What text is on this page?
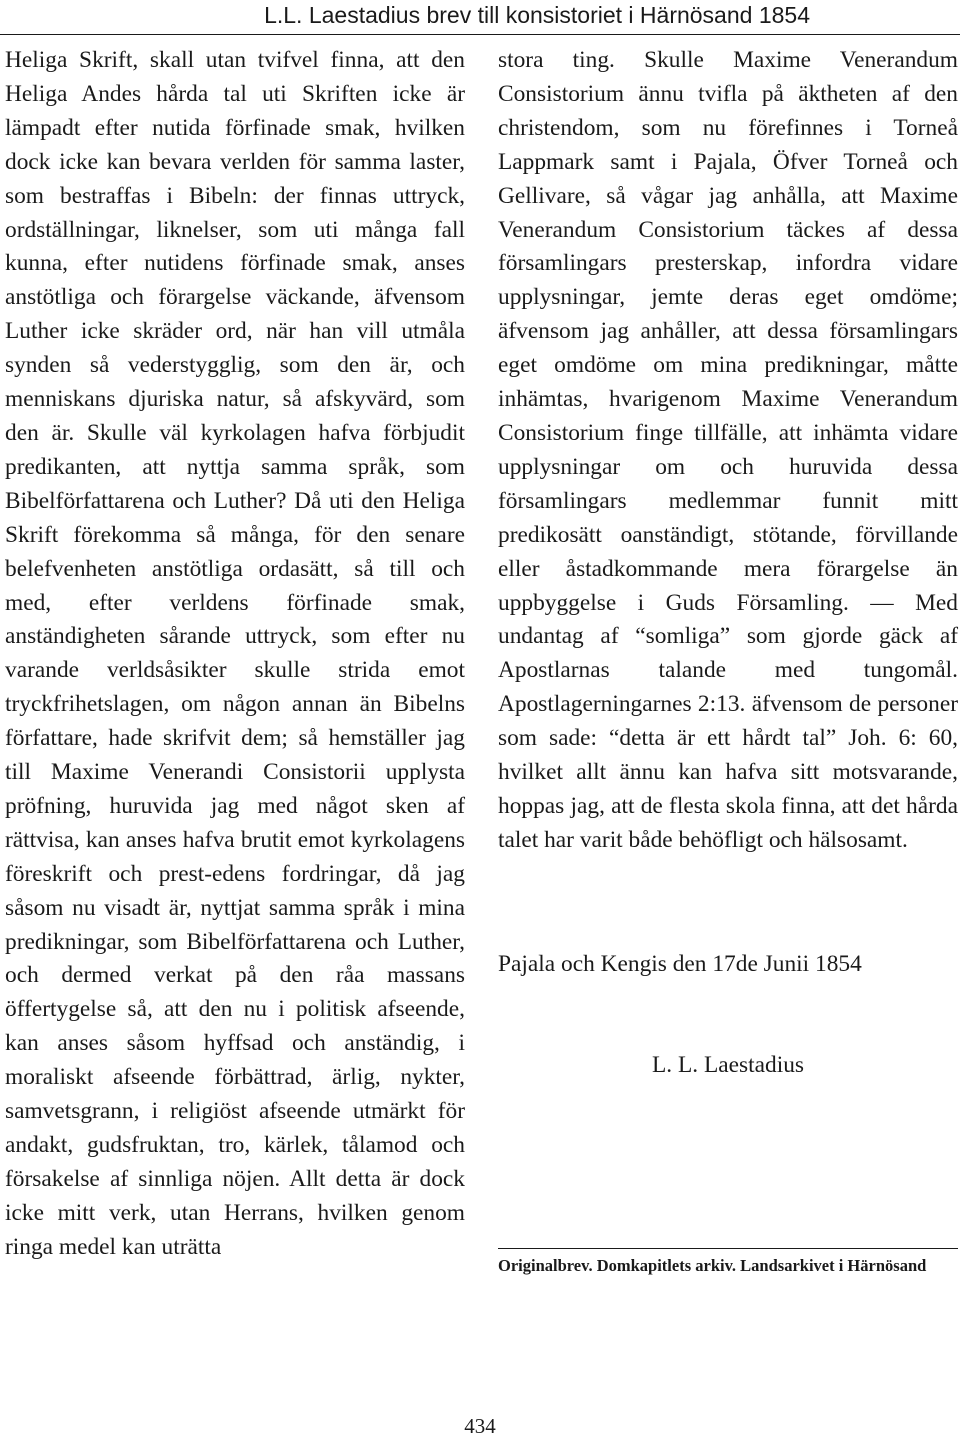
L.L. Laestadius brev till konsistoriet i Härnösand 1854

Heliga Skrift, skall utan tvifvel finna, att den Heliga Andes hårda tal uti Skriften icke är lämpadt efter nutida förfinade smak, hvilken dock icke kan bevara verlden för samma laster, som bestraffas i Bibeln: der finnas uttryck, ordställningar, liknelser, som uti många fall kunna, efter nutidens förfinade smak, anses anstötliga och förargelse väckande, äfvensom Luther icke skräder ord, när han vill utmåla synden så vederstygglig, som den är, och menniskans djuriska natur, så afskyvärd, som den är. Skulle väl kyrkolagen hafva förbjudit predikanten, att nyttja samma språk, som Bibelförfattarena och Luther? Då uti den Heliga Skrift förekomma så många, för den senare belefvenheten anstötliga ordasätt, så till och med, efter verldens förfinade smak, anständigheten sårande uttryck, som efter nu varande verldsåsikter skulle strida emot tryckfrihetslagen, om någon annan än Bibelns författare, hade skrifvit dem; så hemställer jag till Maxime Venerandi Consistorii upplysta pröfning, huruvida jag med något sken af rättvisa, kan anses hafva brutit emot kyrkolagens föreskrift och prest-edens fordringar, då jag såsom nu visadt är, nyttjat samma språk i mina predikningar, som Bibelförfattarena och Luther, och dermed verkat på den råa massans öffertygelse så, att den nu i politisk afseende, kan anses såsom hyffsad och anständig, i moraliskt afseende förbättrad, ärlig, nykter, samvetsgrann, i religiöst afseende utmärkt för andakt, gudsfruktan, tro, kärlek, tålamod och försakelse af sinnliga nöjen. Allt detta är dock icke mitt verk, utan Herrans, hvilken genom ringa medel kan uträtta

stora ting. Skulle Maxime Venerandum Consistorium ännu tvifla på äktheten af den christendom, som nu förefinnes i Torneå Lappmark samt i Pajala, Öfver Torneå och Gellivare, så vågar jag anhålla, att Maxime Venerandum Consistorium täckes af dessa församlingars presterskap, infordra vidare upplysningar, jemte deras eget omdöme; äfvensom jag anhåller, att dessa församlingars eget omdöme om mina predikningar, måtte inhämtas, hvarigenom Maxime Venerandum Consistorium finge tillfälle, att inhämta vidare upplysningar om och huruvida dessa församlingars medlemmar funnit mitt predikosätt oanständigt, stötande, förvillande eller åstadkommande mera förargelse än uppbyggelse i Guds Församling. — Med undantag af “somliga” som gjorde gäck af Apostlarnas talande med tungomål. Apostlagerningarnes 2:13. äfvensom de personer som sade: “detta är ett hårdt tal” Joh. 6: 60, hvilket allt ännu kan hafva sitt motsvarande, hoppas jag, att de flesta skola finna, att det hårda talet har varit både behöfligt och hälsosamt.

Pajala och Kengis den 17de Junii 1854
L. L. Laestadius
Originalbrev. Domkapitlets arkiv. Landsarkivet i Härnösand
434
